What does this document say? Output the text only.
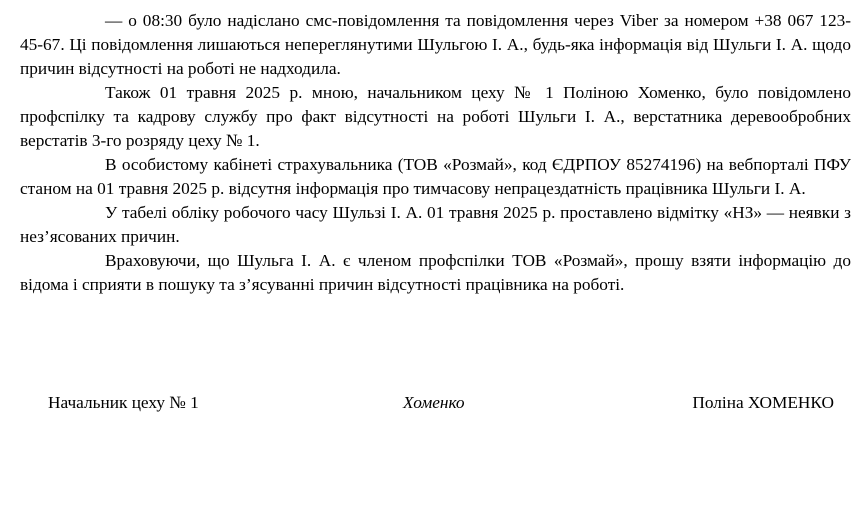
— о 08:30 було надіслано смс-повідомлення та повідомлення через Viber за номером +38 067 123-45-67. Ці повідомлення лишаються непереглянутими Шульгою І. А., будь-яка інформація від Шульги І. А. щодо причин відсутності на роботі не надходила.

Також 01 травня 2025 р. мною, начальником цеху № 1 Поліною Хоменко, було повідомлено профспілку та кадрову службу про факт відсутності на роботі Шульги І. А., верстатника деревообробних верстатів 3-го розряду цеху № 1.

В особистому кабінеті страхувальника (ТОВ «Розмай», код ЄДРПОУ 85274196) на вебпорталі ПФУ станом на 01 травня 2025 р. відсутня інформація про тимчасову непрацездатність працівника Шульги І. А.

У табелі обліку робочого часу Шульзі І. А. 01 травня 2025 р. проставлено відмітку «НЗ» — неявки з нез’ясованих причин.

Враховуючи, що Шульга І. А. є членом профспілки ТОВ «Розмай», прошу взяти інформацію до відома і сприяти в пошуку та з’ясуванні причин відсутності працівника на роботі.

Начальник цеху № 1	Хоменко	Поліна ХОМЕНКО
